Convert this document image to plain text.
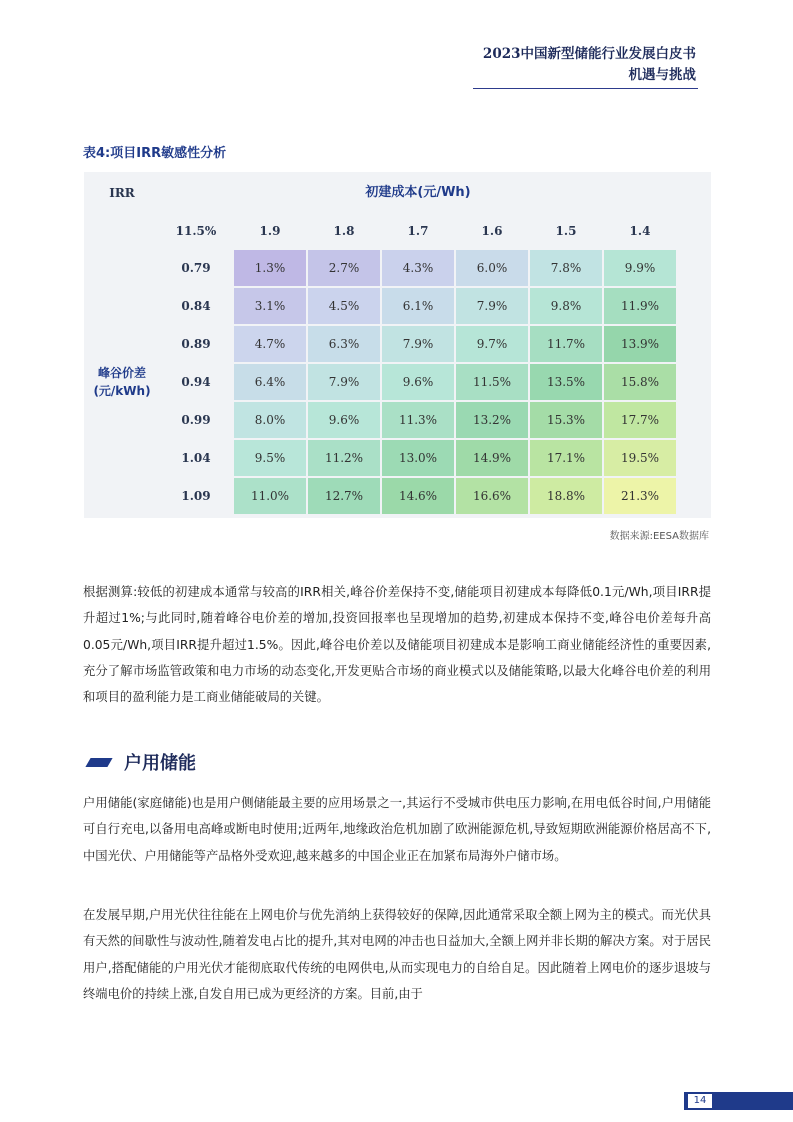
2023中国新型储能行业发展白皮书
机遇与挑战
表4:项目IRR敏感性分析
IRR	初建成本(元/Wh)						
	11.5%	1.9	1.8	1.7	1.6	1.5	1.4

峰谷价差
(元/kWh)	0.79	1.3%	2.7%	4.3%	6.0%	7.8%	9.9%
	0.84	3.1%	4.5%	6.1%	7.9%	9.8%	11.9%
	0.89	4.7%	6.3%	7.9%	9.7%	11.7%	13.9%
	0.94	6.4%	7.9%	9.6%	11.5%	13.5%	15.8%
	0.99	8.0%	9.6%	11.3%	13.2%	15.3%	17.7%
	1.04	9.5%	11.2%	13.0%	14.9%	17.1%	19.5%
	1.09	11.0%	12.7%	14.6%	16.6%	18.8%	21.3%
数据来源:EESA数据库
根据测算:较低的初建成本通常与较高的IRR相关,峰谷价差保持不变,储能项目初建成本每降低0.1元/Wh,项目IRR提升超过1%;与此同时,随着峰谷电价差的增加,投资回报率也呈现增加的趋势,初建成本保持不变,峰谷电价差每升高0.05元/Wh,项目IRR提升超过1.5%。因此,峰谷电价差以及储能项目初建成本是影响工商业储能经济性的重要因素,充分了解市场监管政策和电力市场的动态变化,开发更贴合市场的商业模式以及储能策略,以最大化峰谷电价差的利用和项目的盈利能力是工商业储能破局的关键。
户用储能
户用储能(家庭储能)也是用户侧储能最主要的应用场景之一,其运行不受城市供电压力影响,在用电低谷时间,户用储能可自行充电,以备用电高峰或断电时使用;近两年,地缘政治危机加剧了欧洲能源危机,导致短期欧洲能源价格居高不下,中国光伏、户用储能等产品格外受欢迎,越来越多的中国企业正在加紧布局海外户储市场。
在发展早期,户用光伏往往能在上网电价与优先消纳上获得较好的保障,因此通常采取全额上网为主的模式。而光伏具有天然的间歇性与波动性,随着发电占比的提升,其对电网的冲击也日益加大,全额上网并非长期的解决方案。对于居民用户,搭配储能的户用光伏才能彻底取代传统的电网供电,从而实现电力的自给自足。因此随着上网电价的逐步退坡与终端电价的持续上涨,自发自用已成为更经济的方案。目前,由于
14
